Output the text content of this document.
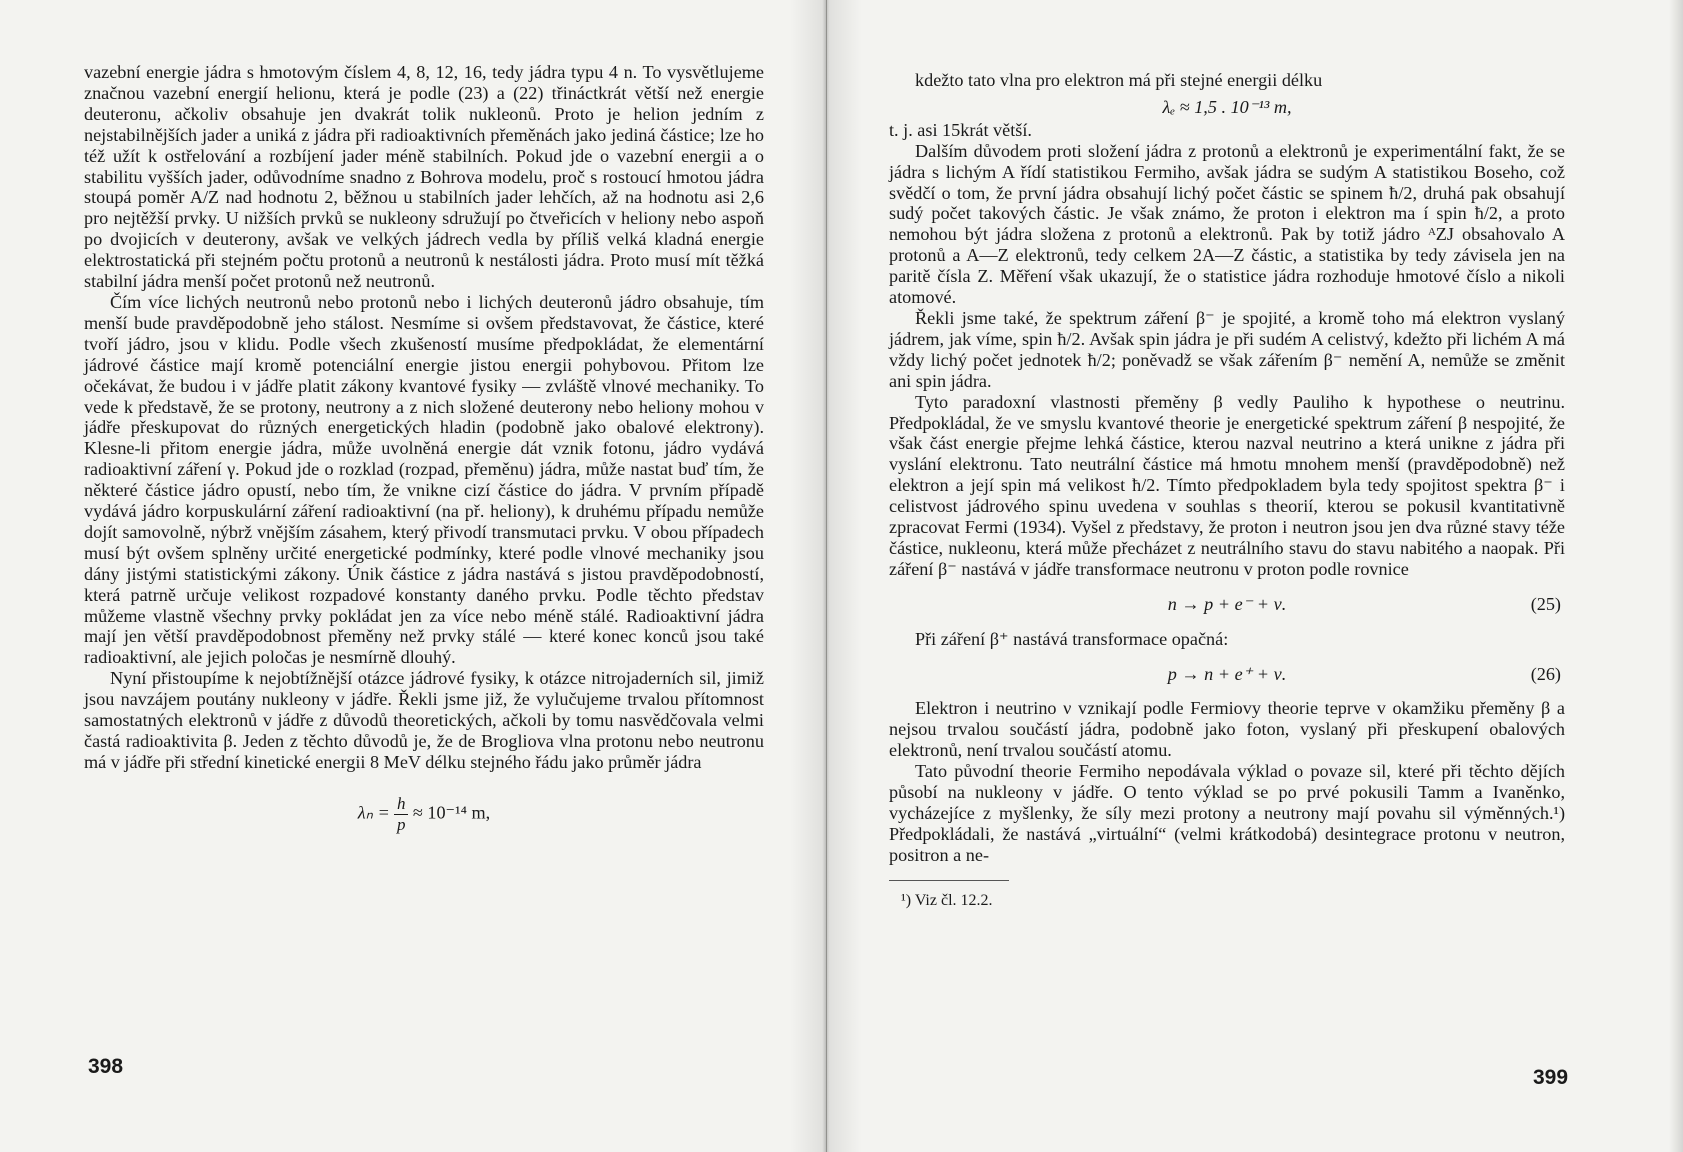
vazební energie jádra s hmotovým číslem 4, 8, 12, 16, tedy jádra typu 4 n. To vysvětlujeme značnou vazební energií helionu, která je podle (23) a (22) třináctkrát větší než energie deuteronu, ačkoliv obsahuje jen dvakrát tolik nukleonů. Proto je helion jedním z nejstabilnějších jader a uniká z jádra při radioaktivních přeměnách jako jediná částice; lze ho též užít k ostřelování a rozbíjení jader méně stabilních. Pokud jde o vazební energii a o stabilitu vyšších jader, odůvodníme snadno z Bohrova modelu, proč s rostoucí hmotou jádra stoupá poměr A/Z nad hodnotu 2, běžnou u stabilních jader lehčích, až na hodnotu asi 2,6 pro nejtěžší prvky. U nižších prvků se nukleony sdružují po čtveřicích v heliony nebo aspoň po dvojicích v deuterony, avšak ve velkých jádrech vedla by příliš velká kladná energie elektrostatická při stejném počtu protonů a neutronů k nestálosti jádra. Proto musí mít těžká stabilní jádra menší počet protonů než neutronů.

Čím více lichých neutronů nebo protonů nebo i lichých deuteronů jádro obsahuje, tím menší bude pravděpodobně jeho stálost. Nesmíme si ovšem představovat, že částice, které tvoří jádro, jsou v klidu. Podle všech zkušeností musíme předpokládat, že elementární jádrové částice mají kromě potenciální energie jistou energii pohybovou. Přitom lze očekávat, že budou i v jádře platit zákony kvantové fysiky — zvláště vlnové mechaniky. To vede k představě, že se protony, neutrony a z nich složené deuterony nebo heliony mohou v jádře přeskupovat do různých energetických hladin (podobně jako obalové elektrony). Klesne-li přitom energie jádra, může uvolněná energie dát vznik fotonu, jádro vydává radioaktivní záření γ. Pokud jde o rozklad (rozpad, přeměnu) jádra, může nastat buď tím, že některé částice jádro opustí, nebo tím, že vnikne cizí částice do jádra. V prvním případě vydává jádro korpuskulární záření radioaktivní (na př. heliony), k druhému případu nemůže dojít samovolně, nýbrž vnějším zásahem, který přivodí transmutaci prvku. V obou případech musí být ovšem splněny určité energetické podmínky, které podle vlnové mechaniky jsou dány jistými statistickými zákony. Únik částice z jádra nastává s jistou pravděpodobností, která patrně určuje velikost rozpadové konstanty daného prvku. Podle těchto představ můžeme vlastně všechny prvky pokládat jen za více nebo méně stálé. Radioaktivní jádra mají jen větší pravděpodobnost přeměny než prvky stálé — které konec konců jsou také radioaktivní, ale jejich poločas je nesmírně dlouhý.

Nyní přistoupíme k nejobtížnější otázce jádrové fysiky, k otázce nitrojaderních sil, jimiž jsou navzájem poutány nukleony v jádře. Řekli jsme již, že vylučujeme trvalou přítomnost samostatných elektronů v jádře z důvodů theoretických, ačkoli by tomu nasvědčovala velmi častá radioaktivita β. Jeden z těchto důvodů je, že de Brogliova vlna protonu nebo neutronu má v jádře při střední kinetické energii 8 MeV délku stejného řádu jako průměr jádra

$\lambda_n = \frac{h}{p} \approx 10^{-14}$ m,
398

kdežto tato vlna pro elektron má při stejné energii délku

λₑ ≈ 1,5 . 10⁻¹³ m,

t. j. asi 15krát větší.

Dalším důvodem proti složení jádra z protonů a elektronů je experimentální fakt, že se jádra s lichým A řídí statistikou Fermiho, avšak jádra se sudým A statistikou Boseho, což svědčí o tom, že první jádra obsahují lichý počet částic se spinem ħ/2, druhá pak obsahují sudý počet takových částic. Je však známo, že proton i elektron ma í spin ħ/2, a proto nemohou být jádra složena z protonů a elektronů. Pak by totiž jádro ᴬZJ obsahovalo A protonů a A—Z elektronů, tedy celkem 2A—Z částic, a statistika by tedy závisela jen na paritě čísla Z. Měření však ukazují, že o statistice jádra rozhoduje hmotové číslo a nikoli atomové.

Řekli jsme také, že spektrum záření β⁻ je spojité, a kromě toho má elektron vyslaný jádrem, jak víme, spin ħ/2. Avšak spin jádra je při sudém A celistvý, kdežto při lichém A má vždy lichý počet jednotek ħ/2; poněvadž se však zářením β⁻ nemění A, nemůže se změnit ani spin jádra.

Tyto paradoxní vlastnosti přeměny β vedly Pauliho k hypothese o neutrinu. Předpokládal, že ve smyslu kvantové theorie je energetické spektrum záření β nespojité, že však část energie přejme lehká částice, kterou nazval neutrino a která unikne z jádra při vyslání elektronu. Tato neutrální částice má hmotu mnohem menší (pravděpodobně) než elektron a její spin má velikost ħ/2. Tímto předpokladem byla tedy spojitost spektra β⁻ i celistvost jádrového spinu uvedena v souhlas s theorií, kterou se pokusil kvantitativně zpracovat Fermi (1934). Vyšel z představy, že proton i neutron jsou jen dva různé stavy téže částice, nukleonu, která může přecházet z neutrálního stavu do stavu nabitého a naopak. Při záření β⁻ nastává v jádře transformace neutronu v proton podle rovnice

n → p + e⁻ + ν.	(25)

Při záření β⁺ nastává transformace opačná:

p → n + e⁺ + ν.	(26)

Elektron i neutrino ν vznikají podle Fermiovy theorie teprve v okamžiku přeměny β a nejsou trvalou součástí jádra, podobně jako foton, vyslaný při přeskupení obalových elektronů, není trvalou součástí atomu.

Tato původní theorie Fermiho nepodávala výklad o povaze sil, které při těchto dějích působí na nukleony v jádře. O tento výklad se po prvé pokusili Tamm a Ivaněnko, vycházejíce z myšlenky, že síly mezi protony a neutrony mají povahu sil výměnných.¹) Předpokládali, že nastává „virtuální“ (velmi krátkodobá) desintegrace protonu v neutron, positron a ne-

¹) Viz čl. 12.2.

399
